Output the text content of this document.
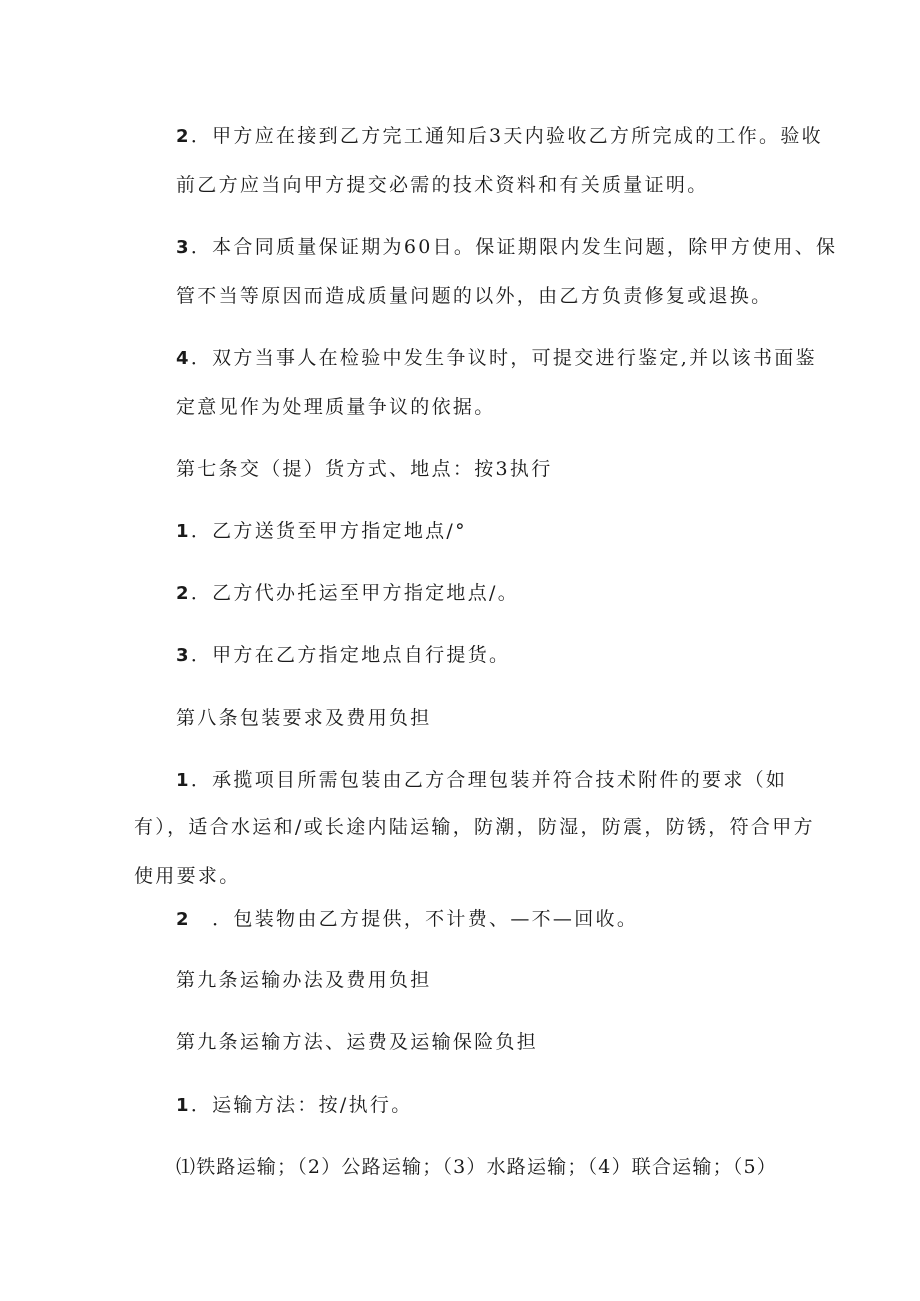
2．甲方应在接到乙方完工通知后3天内验收乙方所完成的工作。验收
前乙方应当向甲方提交必需的技术资料和有关质量证明。
3．本合同质量保证期为60日。保证期限内发生问题，除甲方使用、保
管不当等原因而造成质量问题的以外，由乙方负责修复或退换。
4．双方当事人在检验中发生争议时，可提交进行鉴定,并以该书面鉴
定意见作为处理质量争议的依据。
第七条交（提）货方式、地点：按3执行
1．乙方送货至甲方指定地点/°
2．乙方代办托运至甲方指定地点/。
3．甲方在乙方指定地点自行提货。
第八条包装要求及费用负担
1．承揽项目所需包装由乙方合理包装并符合技术附件的要求（如
有），适合水运和/或长途内陆运输，防潮，防湿，防震，防锈，符合甲方
使用要求。
2　．包装物由乙方提供，不计费、—不—回收。
第九条运输办法及费用负担
第九条运输方法、运费及运输保险负担
1．运输方法：按/执行。
⑴铁路运输；（2）公路运输；（3）水路运输；（4）联合运输；（5）
